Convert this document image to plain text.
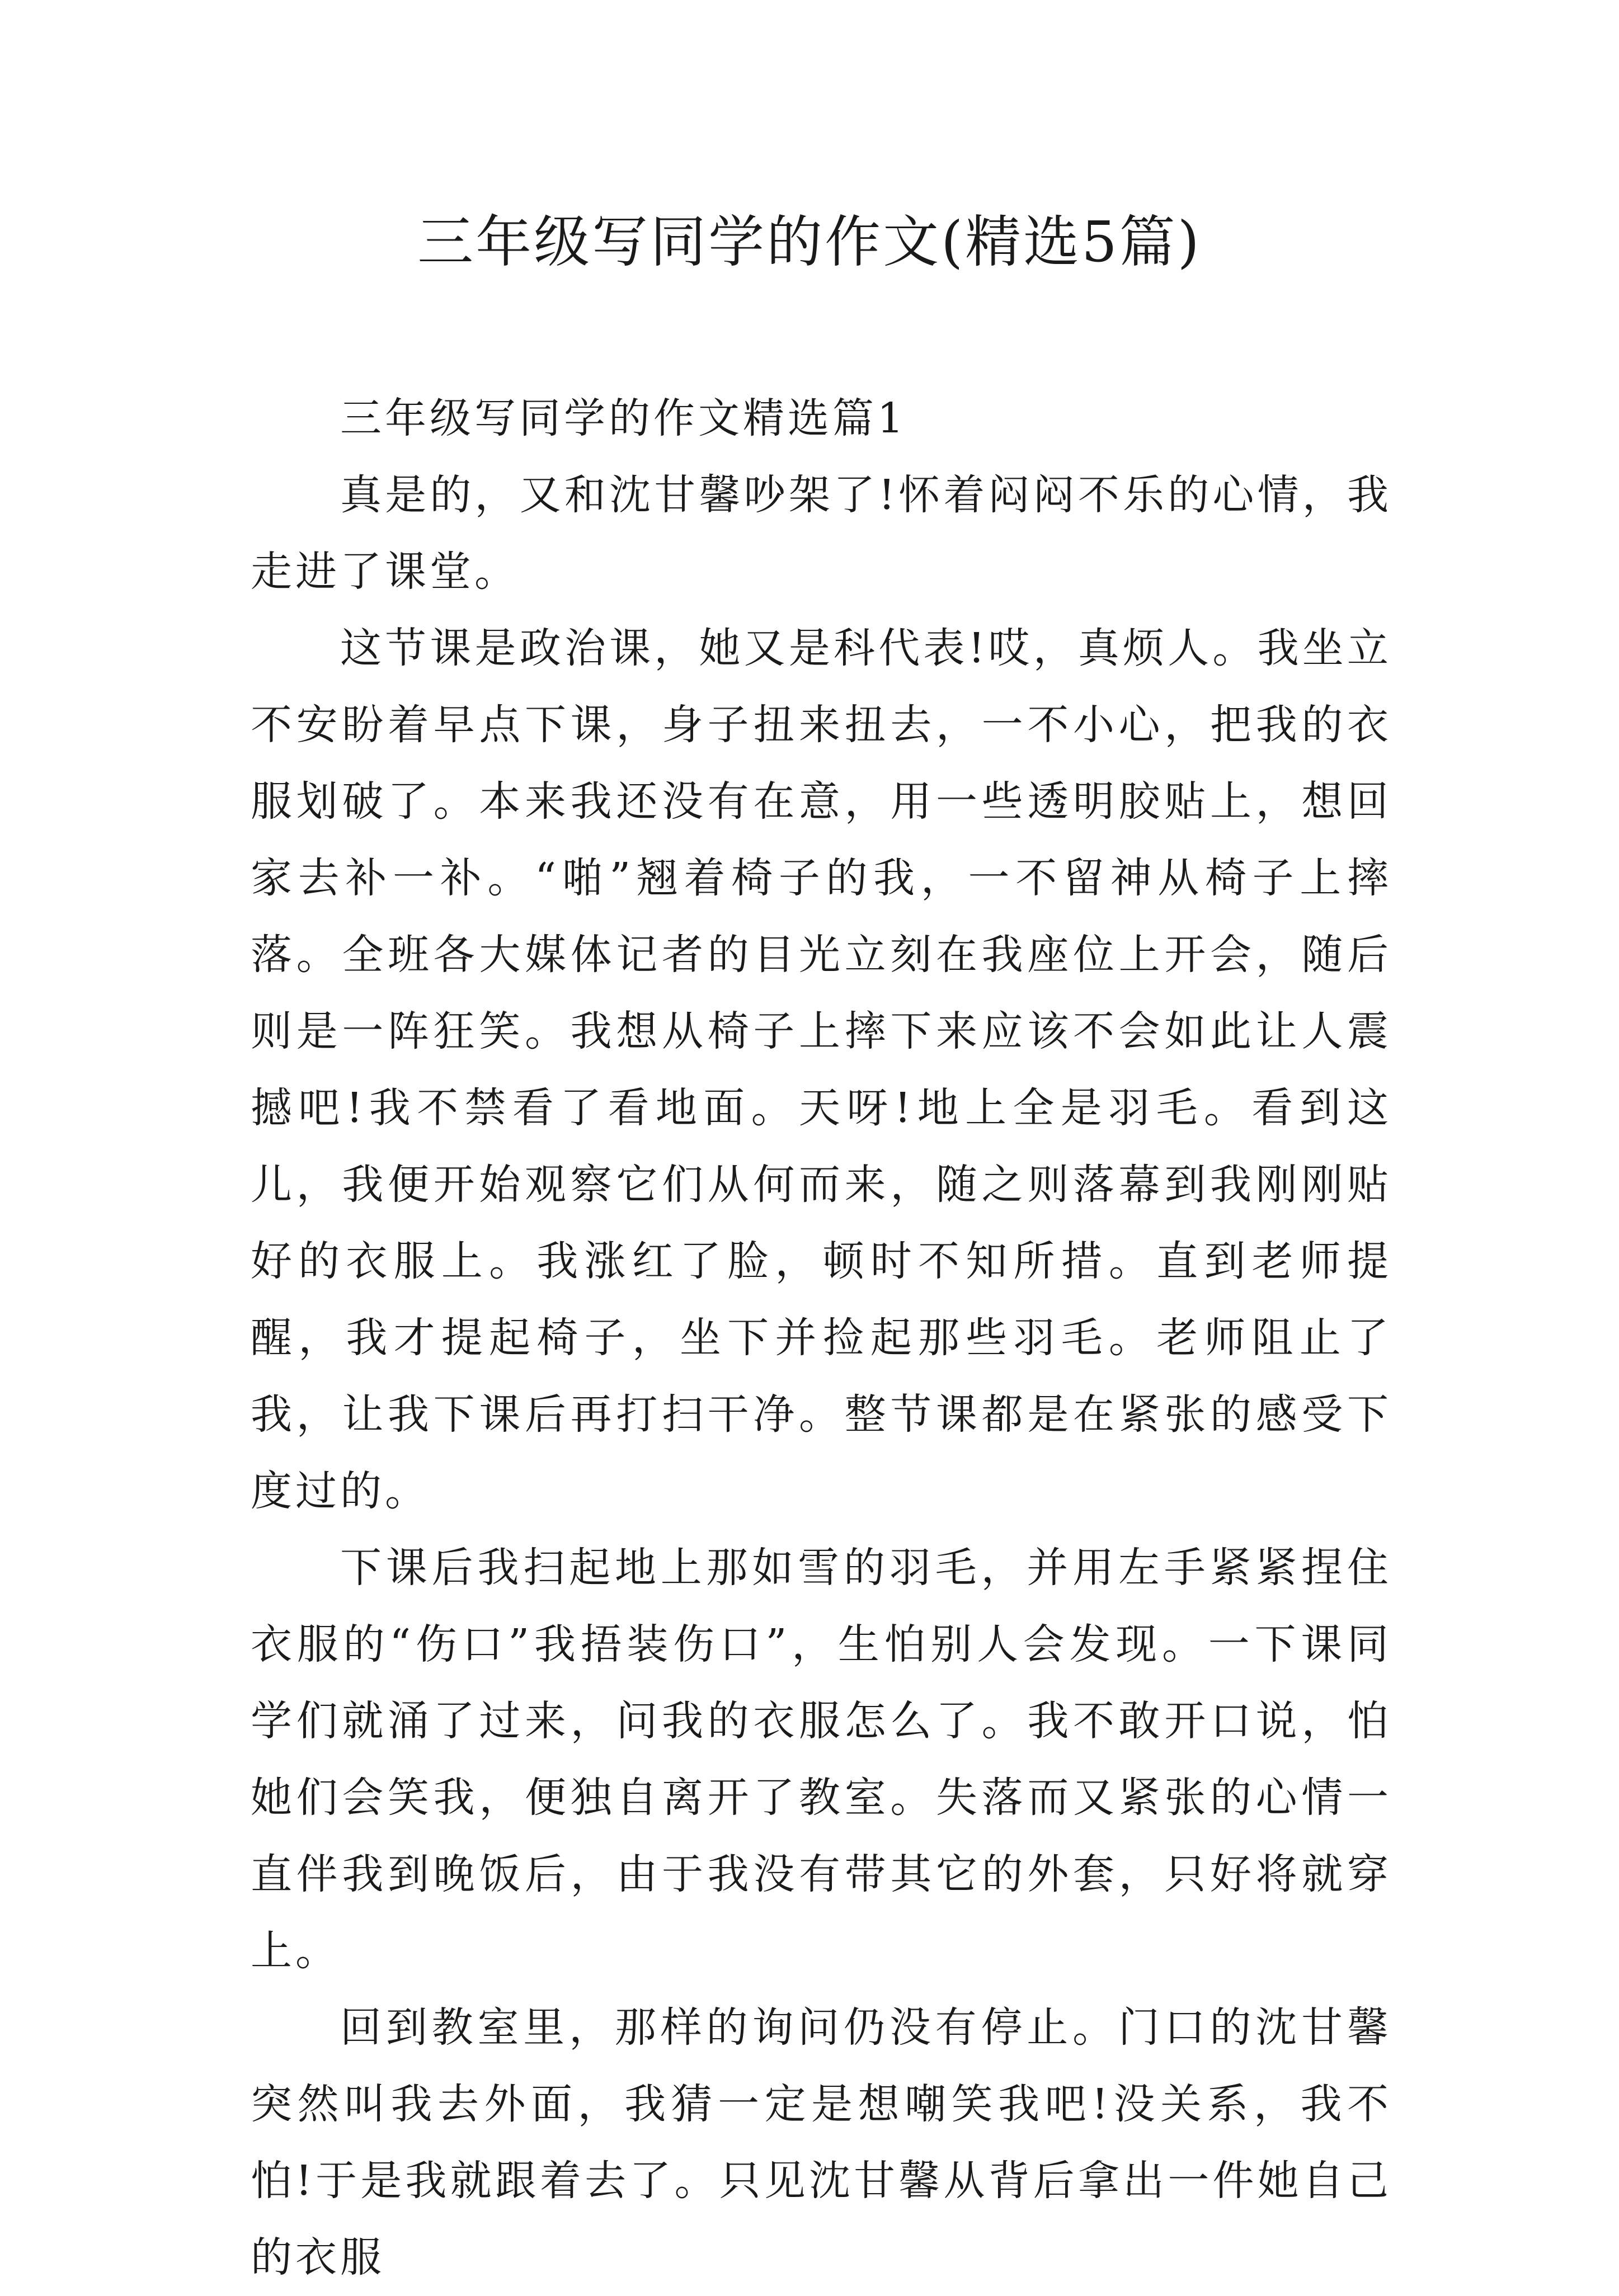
三年级写同学的作文(精选5篇)

三年级写同学的作文精选篇1

真是的，又和沈甘馨吵架了!怀着闷闷不乐的心情，我走进了课堂。

这节课是政治课，她又是科代表!哎，真烦人。我坐立不安盼着早点下课，身子扭来扭去，一不小心，把我的衣服划破了。本来我还没有在意，用一些透明胶贴上，想回家去补一补。“啪”翘着椅子的我，一不留神从椅子上摔落。全班各大媒体记者的目光立刻在我座位上开会，随后则是一阵狂笑。我想从椅子上摔下来应该不会如此让人震撼吧!我不禁看了看地面。天呀!地上全是羽毛。看到这儿，我便开始观察它们从何而来，随之则落幕到我刚刚贴好的衣服上。我涨红了脸，顿时不知所措。直到老师提醒，我才提起椅子，坐下并捡起那些羽毛。老师阻止了我，让我下课后再打扫干净。整节课都是在紧张的感受下度过的。

下课后我扫起地上那如雪的羽毛，并用左手紧紧捏住衣服的“伤口”我捂装伤口”，生怕别人会发现。一下课同学们就涌了过来，问我的衣服怎么了。我不敢开口说，怕她们会笑我，便独自离开了教室。失落而又紧张的心情一直伴我到晚饭后，由于我没有带其它的外套，只好将就穿上。

回到教室里，那样的询问仍没有停止。门口的沈甘馨突然叫我去外面，我猜一定是想嘲笑我吧!没关系，我不怕!于是我就跟着去了。只见沈甘馨从背后拿出一件她自己的衣服
